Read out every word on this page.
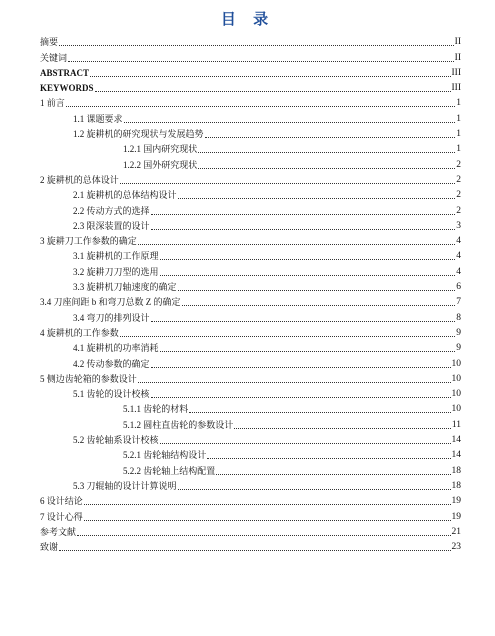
目 录
摘要	II
关键词	II
ABSTRACT	III
KEYWORDS	III
1 前言	1
1.1 课题要求	1
1.2 旋耕机的研究现状与发展趋势	1
1.2.1 国内研究现状	1
1.2.2 国外研究现状	2
2 旋耕机的总体设计	2
2.1 旋耕机的总体结构设计	2
2.2 传动方式的选择	2
2.3 限深装置的设计	3
3 旋耕刀工作参数的确定	4
3.1 旋耕机的工作原理	4
3.2 旋耕刀刀型的选用	4
3.3 旋耕机刀轴速度的确定	6
3.4 刀座间距 b 和弯刀总数 Z 的确定	7
3.4 弯刀的排列设计	8
4 旋耕机的工作参数	9
4.1 旋耕机的功率消耗	9
4.2 传动参数的确定	10
5 侧边齿轮箱的参数设计	10
5.1 齿轮的设计校核	10
5.1.1 齿轮的材料	10
5.1.2 圆柱直齿轮的参数设计	11
5.2 齿轮轴系设计校核	14
5.2.1 齿轮轴结构设计	14
5.2.2 齿轮轴上结构配置	18
5.3 刀辊轴的设计计算说明	18
6 设计结论	19
7 设计心得	19
参考文献	21
致谢	23
